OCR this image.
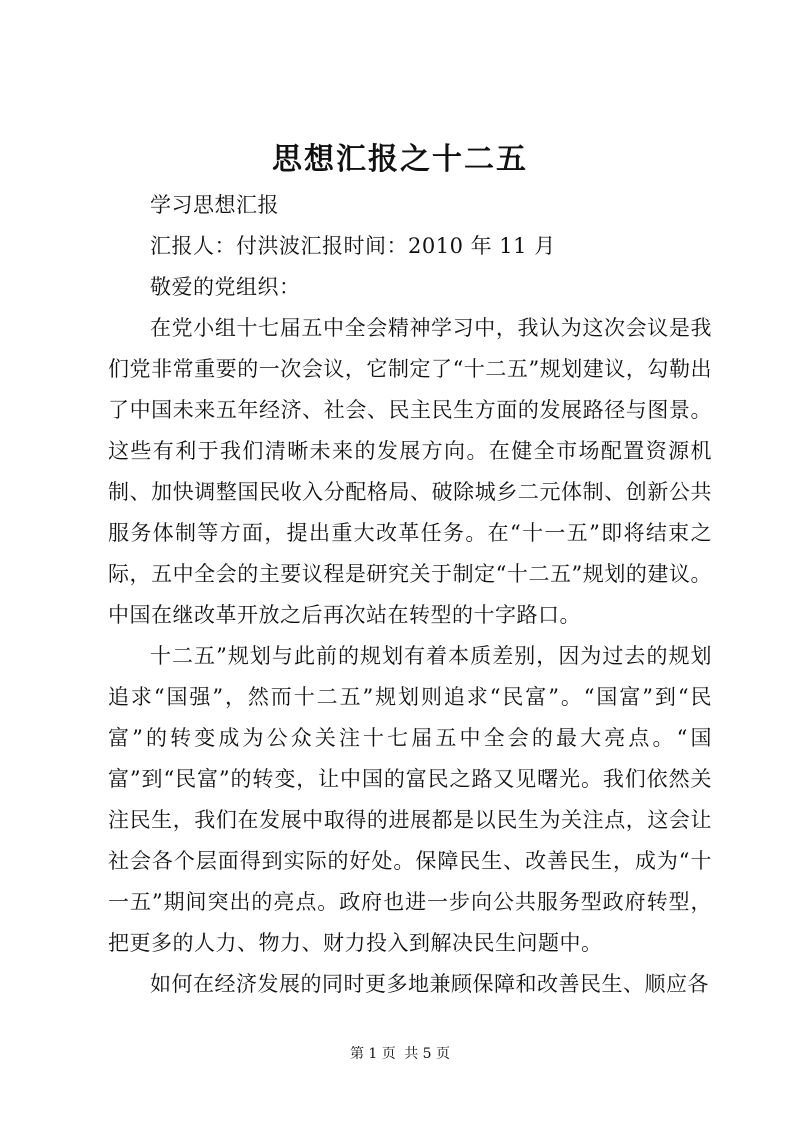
思想汇报之十二五

学习思想汇报

汇报人：付洪波汇报时间：2010 年 11 月

敬爱的党组织：

在党小组十七届五中全会精神学习中，我认为这次会议是我们党非常重要的一次会议，它制定了“十二五”规划建议，勾勒出了中国未来五年经济、社会、民主民生方面的发展路径与图景。这些有利于我们清晰未来的发展方向。在健全市场配置资源机制、加快调整国民收入分配格局、破除城乡二元体制、创新公共服务体制等方面，提出重大改革任务。在“十一五”即将结束之际，五中全会的主要议程是研究关于制定“十二五”规划的建议。中国在继改革开放之后再次站在转型的十字路口。

十二五”规划与此前的规划有着本质差别，因为过去的规划追求“国强”，然而十二五”规划则追求“民富”。“国富”到“民富”的转变成为公众关注十七届五中全会的最大亮点。“国富”到“民富”的转变，让中国的富民之路又见曙光。我们依然关注民生，我们在发展中取得的进展都是以民生为关注点，这会让社会各个层面得到实际的好处。保障民生、改善民生，成为“十一五”期间突出的亮点。政府也进一步向公共服务型政府转型，把更多的人力、物力、财力投入到解决民生问题中。

如何在经济发展的同时更多地兼顾保障和改善民生、顺应各

第 1 页 共 5 页
